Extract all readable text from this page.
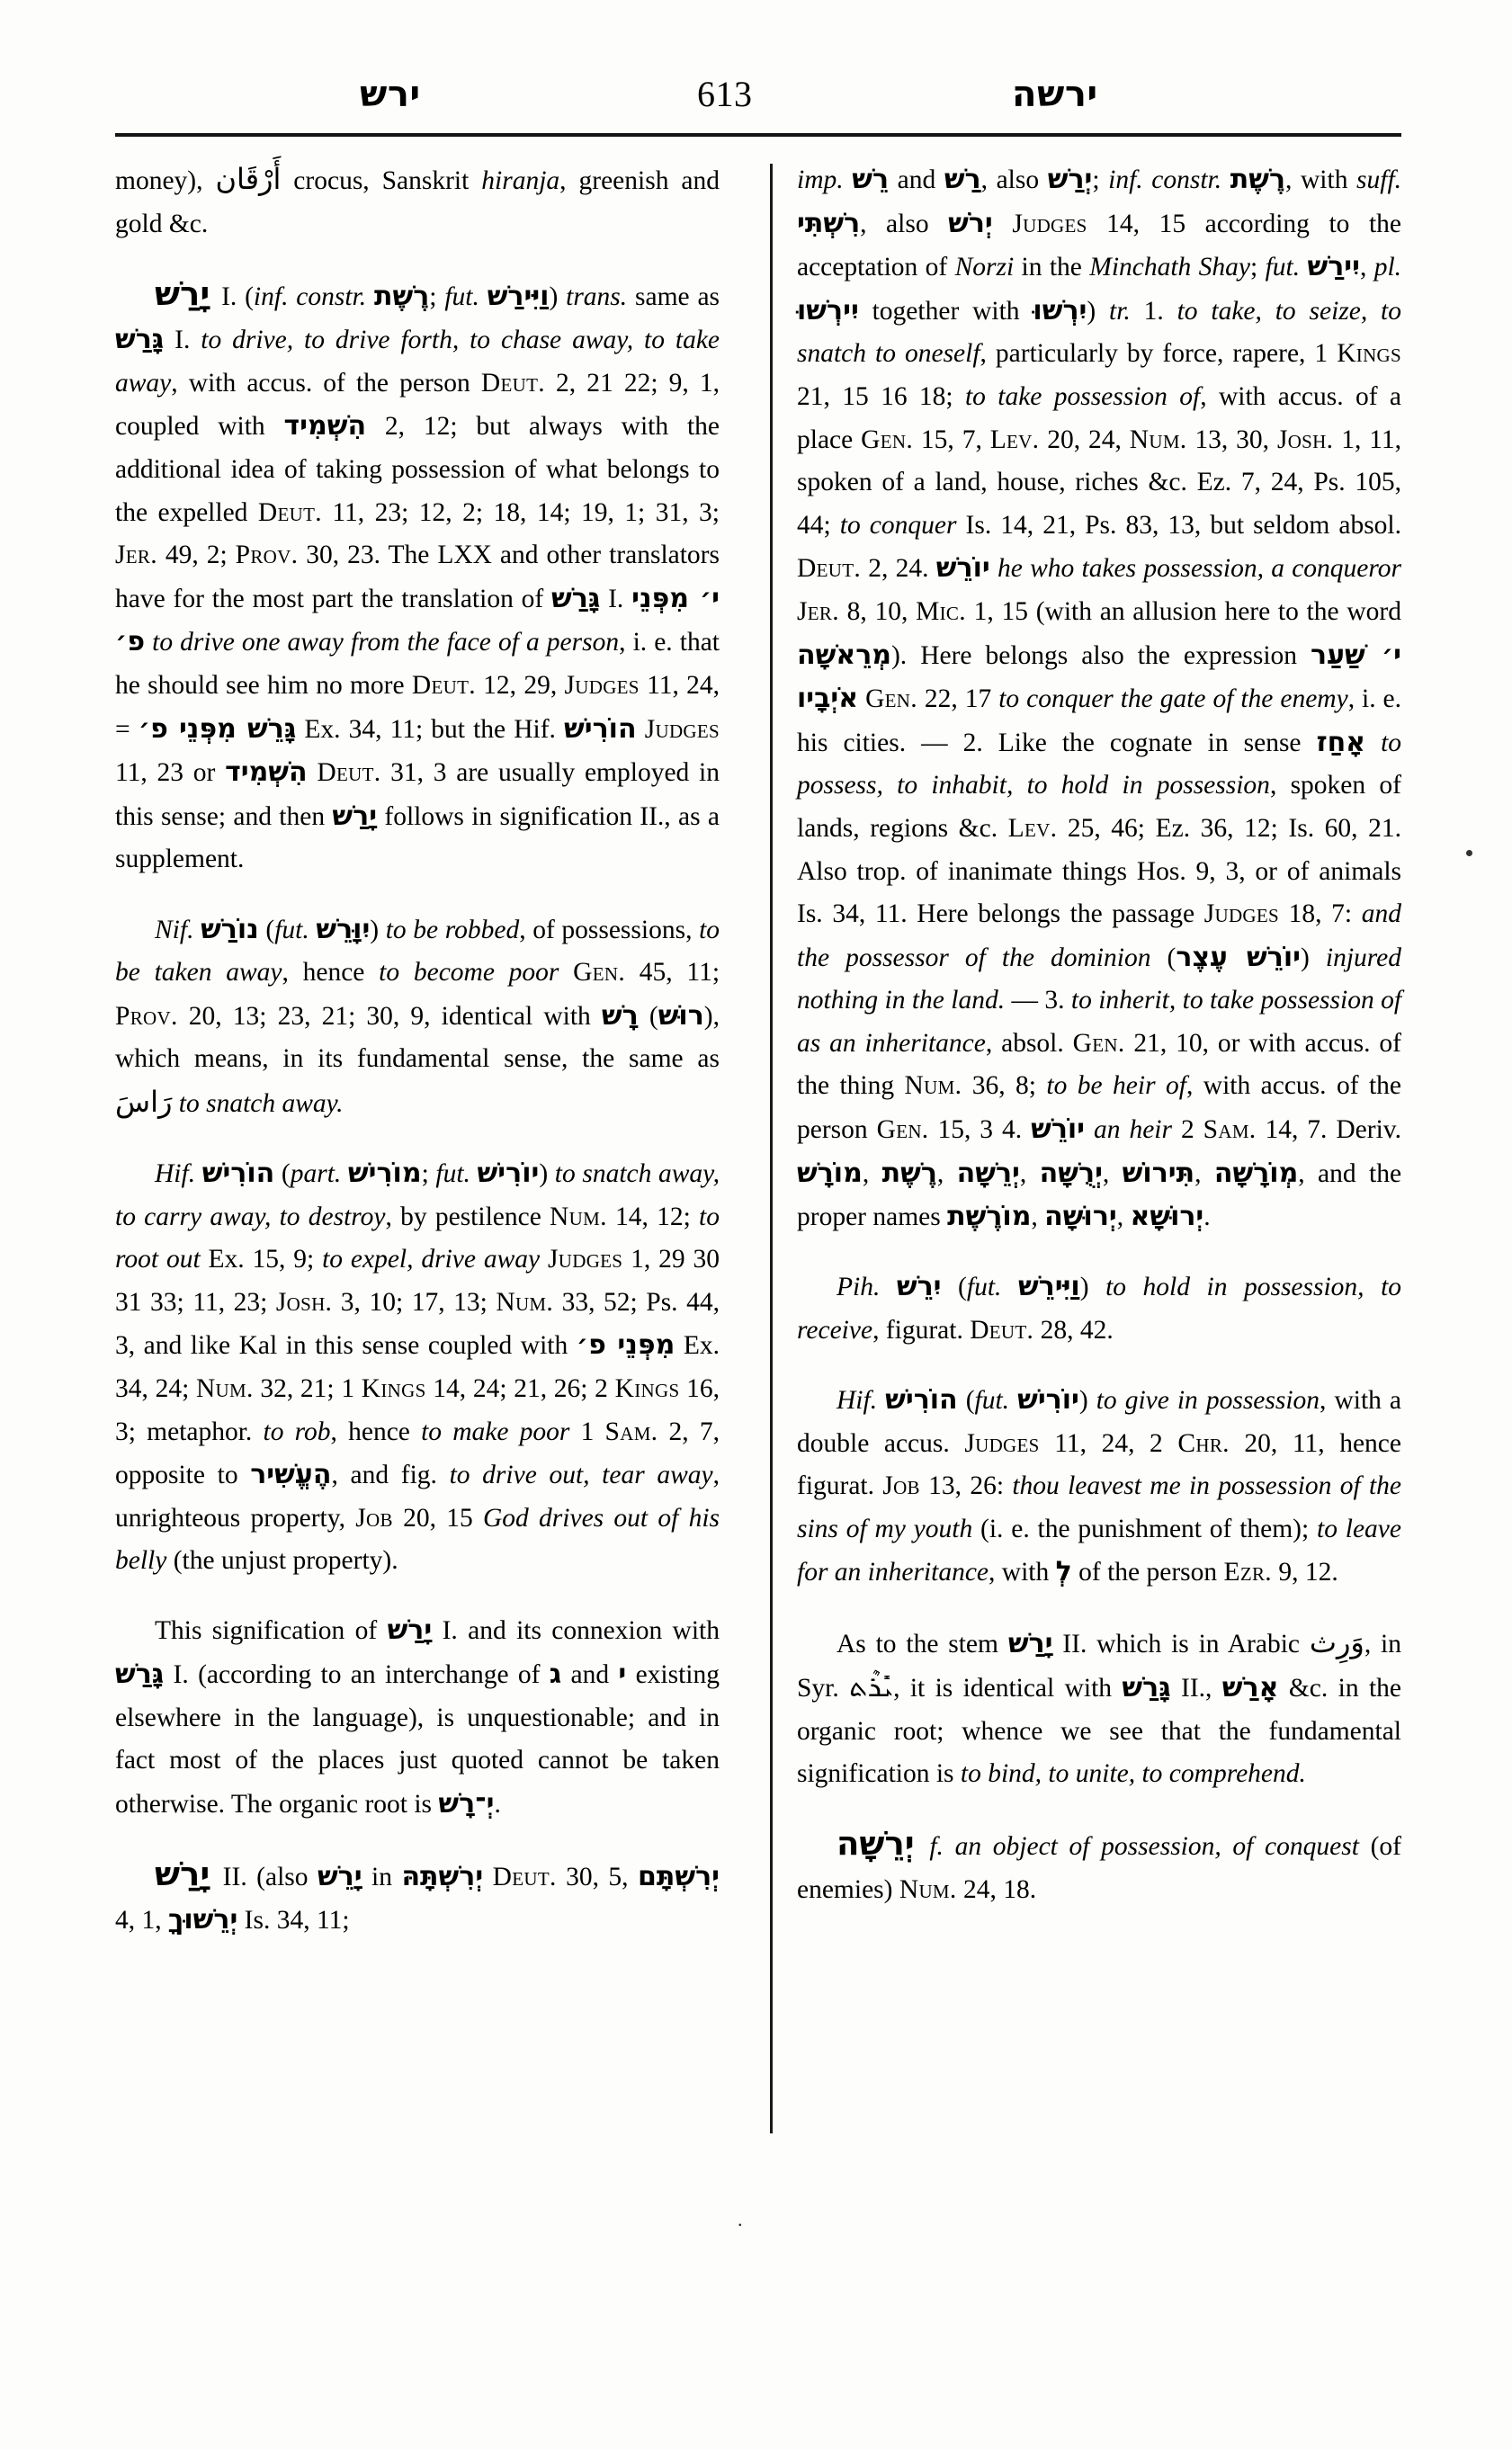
ירש	613	ירשה

money), أَرْقَان crocus, Sanskrit hiranja, greenish and gold &c.

יָרַשׁ I. (inf. constr. רֶשֶׁת; fut. וַיִּירַשׁ) trans. same as גָּרַשׁ I. to drive, to drive forth, to chase away, to take away, with accus. of the person Deut. 2, 21 22; 9, 1, coupled with הִשְׁמִיד 2, 12; but always with the additional idea of taking possession of what belongs to the expelled Deut. 11, 23; 12, 2; 18, 14; 19, 1; 31, 3; Jer. 49, 2; Prov. 30, 23. The LXX and other translators have for the most part the translation of גָּרַשׁ I. י׳ מִפְּנֵי פ׳ to drive one away from the face of a person, i. e. that he should see him no more Deut. 12, 29, Judges 11, 24, = גָּרֵשׁ מִפְּנֵי פ׳ Ex. 34, 11; but the Hif. הוֹרִישׁ Judges 11, 23 or הִשְׁמִיד Deut. 31, 3 are usually employed in this sense; and then יָרַשׁ follows in signification II., as a supplement.

Nif. נוֹרַשׁ (fut. יִוָּרֵשׁ) to be robbed, of possessions, to be taken away, hence to become poor Gen. 45, 11; Prov. 20, 13; 23, 21; 30, 9, identical with רָשׁ (רוּשׁ), which means, in its fundamental sense, the same as رَاسَ to snatch away.

Hif. הוֹרִישׁ (part. מוֹרִישׁ; fut. יוֹרִישׁ) to snatch away, to carry away, to destroy, by pestilence Num. 14, 12; to root out Ex. 15, 9; to expel, drive away Judges 1, 29 30 31 33; 11, 23; Josh. 3, 10; 17, 13; Num. 33, 52; Ps. 44, 3, and like Kal in this sense coupled with מִפְּנֵי פ׳ Ex. 34, 24; Num. 32, 21; 1 Kings 14, 24; 21, 26; 2 Kings 16, 3; metaphor. to rob, hence to make poor 1 Sam. 2, 7, opposite to הֶעֱשִׁיר, and fig. to drive out, tear away, unrighteous property, Job 20, 15 God drives out of his belly (the unjust property).

This signification of יָרַשׁ I. and its connexion with גָּרַשׁ I. (according to an interchange of ג and י existing elsewhere in the language), is unquestionable; and in fact most of the places just quoted cannot be taken otherwise. The organic root is יְ־רָשׁ.

יָרַשׁ II. (also יָרֵשׁ in יְרִשְׁתָּהּ Deut. 30, 5, יְרִשְׁתָּם 4, 1, יְרֵשׁוּךָ Is. 34, 11;

imp. רֵשׁ and רַשׁ, also יְרַשׁ; inf. constr. רֶשֶׁת, with suff. רִשְׁתִּי, also יְרֹשׁ Judges 14, 15 according to the acceptation of Norzi in the Minchath Shay; fut. יִירַשׁ, pl. יִירְשׁוּ together with יִרְשׁוּ) tr. 1. to take, to seize, to snatch to oneself, particularly by force, rapere, 1 Kings 21, 15 16 18; to take possession of, with accus. of a place Gen. 15, 7, Lev. 20, 24, Num. 13, 30, Josh. 1, 11, spoken of a land, house, riches &c. Ez. 7, 24, Ps. 105, 44; to conquer Is. 14, 21, Ps. 83, 13, but seldom absol. Deut. 2, 24. יוֹרֵשׁ he who takes possession, a conqueror Jer. 8, 10, Mic. 1, 15 (with an allusion here to the word מְרֵאשָׁה). Here belongs also the expression י׳ שַׁעַר אֹיְבָיו Gen. 22, 17 to conquer the gate of the enemy, i. e. his cities. — 2. Like the cognate in sense אָחַז to possess, to inhabit, to hold in possession, spoken of lands, regions &c. Lev. 25, 46; Ez. 36, 12; Is. 60, 21. Also trop. of inanimate things Hos. 9, 3, or of animals Is. 34, 11. Here belongs the passage Judges 18, 7: and the possessor of the dominion (יוֹרֵשׁ עֶצֶר) injured nothing in the land. — 3. to inherit, to take possession of as an inheritance, absol. Gen. 21, 10, or with accus. of the thing Num. 36, 8; to be heir of, with accus. of the person Gen. 15, 3 4. יוֹרֵשׁ an heir 2 Sam. 14, 7. Deriv. מוֹרָשׁ, רֶשֶׁת, יְרֵשָׁה, יְרֻשָּׁה, תִּירוֹשׁ, מְוֹרָשָׁה, and the proper names מוֹרֶשֶׁת, יְרוּשָׁה, יְרוּשָׁא.

Pih. יִרֵשׁ (fut. וַיִּירֵשׁ) to hold in possession, to receive, figurat. Deut. 28, 42.

Hif. הוֹרִישׁ (fut. יוֹרִישׁ) to give in possession, with a double accus. Judges 11, 24, 2 Chr. 20, 11, hence figurat. Job 13, 26: thou leavest me in possession of the sins of my youth (i. e. the punishment of them); to leave for an inheritance, with לְ of the person Ezr. 9, 12.

As to the stem יָרַשׁ II. which is in Arabic وَرِث, in Syr. ܝܺܪܶܬ, it is identical with גָּרַשׁ II., אָרַשׁ &c. in the organic root; whence we see that the fundamental signification is to bind, to unite, to comprehend.

יְרֵשָׁה f. an object of possession, of conquest (of enemies) Num. 24, 18.

.
